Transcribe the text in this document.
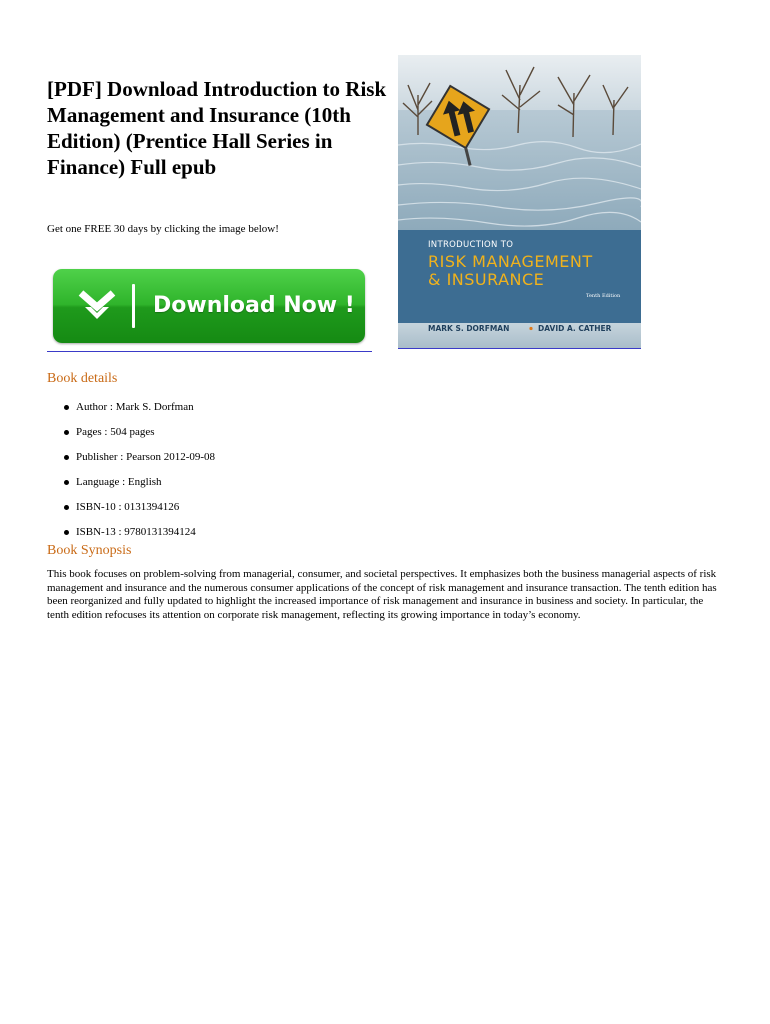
[PDF] Download Introduction to Risk Management and Insurance (10th Edition) (Prentice Hall Series in Finance) Full epub

Get one FREE 30 days by clicking the image below!

Download Now !
INTRODUCTION TO
RISK MANAGEMENT
& INSURANCE
Tenth Edition
MARK S. DORFMAN	DAVID A. CATHER
Book details
Author : Mark S. Dorfman
Pages : 504 pages
Publisher : Pearson 2012-09-08
Language : English
ISBN-10 : 0131394126
ISBN-13 : 9780131394124
Book Synopsis

This book focuses on problem-solving from managerial, consumer, and societal perspectives. It emphasizes both the business managerial aspects of risk management and insurance and the numerous consumer applications of the concept of risk management and insurance transaction. The tenth edition has been reorganized and fully updated to highlight the increased importance of risk management and insurance in business and society. In particular, the tenth edition refocuses its attention on corporate risk management, reflecting its growing importance in today’s economy.
